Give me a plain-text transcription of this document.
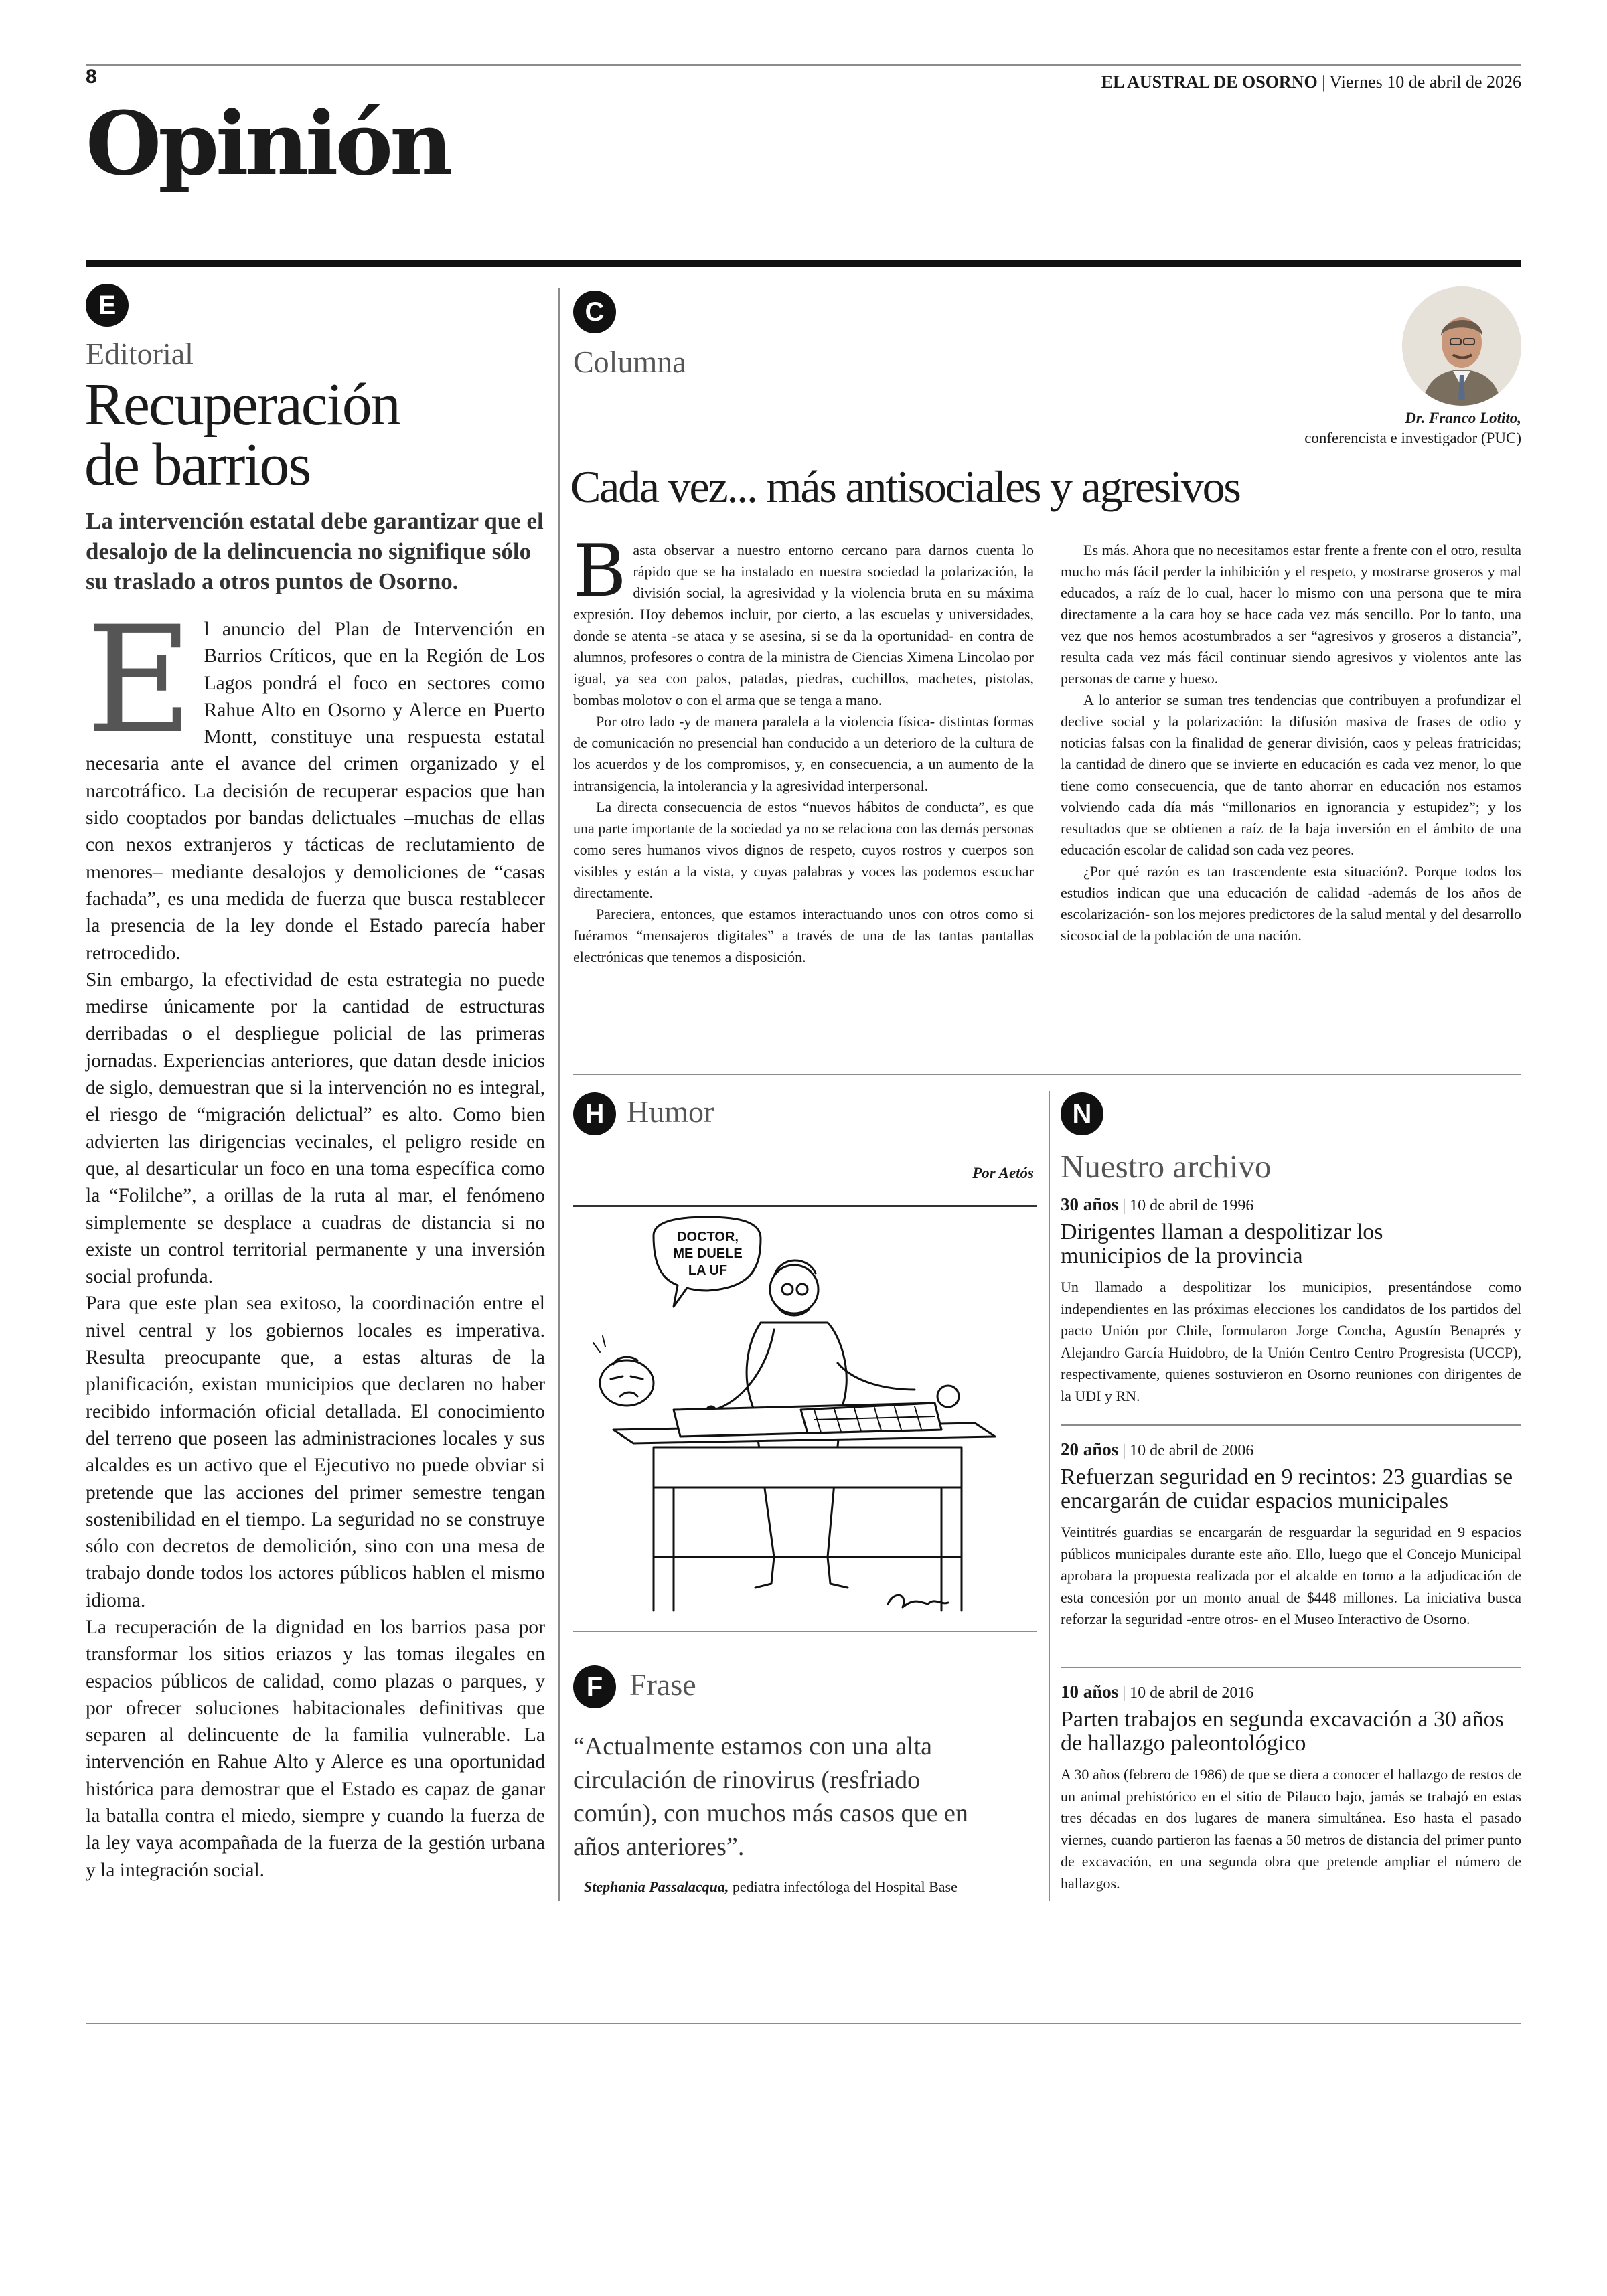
8	EL AUSTRAL DE OSORNO | Viernes 10 de abril de 2026
Opinión
E
Editorial
Recuperación
de barrios
La intervención estatal debe garantizar que el desalojo de la delincuencia no signifique sólo su traslado a otros puntos de Osorno.

El anuncio del Plan de Intervención en Barrios Críticos, que en la Región de Los Lagos pondrá el foco en sectores como Rahue Alto en Osorno y Alerce en Puerto Montt, constituye una respuesta estatal necesaria ante el avance del crimen organizado y el narcotráfico. La decisión de recuperar espacios que han sido cooptados por bandas delictuales –muchas de ellas con nexos extranjeros y tácticas de reclutamiento de menores– mediante desalojos y demoliciones de “casas fachada”, es una medida de fuerza que busca restablecer la presencia de la ley donde el Estado parecía haber retrocedido.

Sin embargo, la efectividad de esta estrategia no puede medirse únicamente por la cantidad de estructuras derribadas o el despliegue policial de las primeras jornadas. Experiencias anteriores, que datan desde inicios de siglo, demuestran que si la intervención no es integral, el riesgo de “migración delictual” es alto. Como bien advierten las dirigencias vecinales, el peligro reside en que, al desarticular un foco en una toma específica como la “Folilche”, a orillas de la ruta al mar, el fenómeno simplemente se desplace a cuadras de distancia si no existe un control territorial permanente y una inversión social profunda.

Para que este plan sea exitoso, la coordinación entre el nivel central y los gobiernos locales es imperativa. Resulta preocupante que, a estas alturas de la planificación, existan municipios que declaren no haber recibido información oficial detallada. El conocimiento del terreno que poseen las administraciones locales y sus alcaldes es un activo que el Ejecutivo no puede obviar si pretende que las acciones del primer semestre tengan sostenibilidad en el tiempo. La seguridad no se construye sólo con decretos de demolición, sino con una mesa de trabajo donde todos los actores públicos hablen el mismo idioma.

La recuperación de la dignidad en los barrios pasa por transformar los sitios eriazos y las tomas ilegales en espacios públicos de calidad, como plazas o parques, y por ofrecer soluciones habitacionales definitivas que separen al delincuente de la familia vulnerable. La intervención en Rahue Alto y Alerce es una oportunidad histórica para demostrar que el Estado es capaz de ganar la batalla contra el miedo, siempre y cuando la fuerza de la ley vaya acompañada de la fuerza de la gestión urbana y la integración social.

C
Columna
Dr. Franco Lotito,
conferencista e investigador (PUC)
Cada vez... más antisociales y agresivos

Basta observar a nuestro entorno cercano para darnos cuenta lo rápido que se ha instalado en nuestra sociedad la polarización, la división social, la agresividad y la violencia bruta en su máxima expresión. Hoy debemos incluir, por cierto, a las escuelas y universidades, donde se atenta -se ataca y se asesina, si se da la oportunidad- en contra de alumnos, profesores o contra de la ministra de Ciencias Ximena Lincolao por igual, ya sea con palos, patadas, piedras, cuchillos, machetes, pistolas, bombas molotov o con el arma que se tenga a mano.

Por otro lado -y de manera paralela a la violencia física- distintas formas de comunicación no presencial han conducido a un deterioro de la cultura de los acuerdos y de los compromisos, y, en consecuencia, a un aumento de la intransigencia, la intolerancia y la agresividad interpersonal.

La directa consecuencia de estos “nuevos hábitos de conducta”, es que una parte importante de la sociedad ya no se relaciona con las demás personas como seres humanos vivos dignos de respeto, cuyos rostros y cuerpos son visibles y están a la vista, y cuyas palabras y voces las podemos escuchar directamente.

Pareciera, entonces, que estamos interactuando unos con otros como si fuéramos “mensajeros digitales” a través de una de las tantas pantallas electrónicas que tenemos a disposición.

Es más. Ahora que no necesitamos estar frente a frente con el otro, resulta mucho más fácil perder la inhibición y el respeto, y mostrarse groseros y mal educados, a raíz de lo cual, hacer lo mismo con una persona que te mira directamente a la cara hoy se hace cada vez más sencillo. Por lo tanto, una vez que nos hemos acostumbrados a ser “agresivos y groseros a distancia”, resulta cada vez más fácil continuar siendo agresivos y violentos ante las personas de carne y hueso.

A lo anterior se suman tres tendencias que contribuyen a profundizar el declive social y la polarización: la difusión masiva de frases de odio y noticias falsas con la finalidad de generar división, caos y peleas fratricidas; la cantidad de dinero que se invierte en educación es cada vez menor, lo que tiene como consecuencia, que de tanto ahorrar en educación nos estamos volviendo cada día más “millonarios en ignorancia y estupidez”; y los resultados que se obtienen a raíz de la baja inversión en el ámbito de una educación escolar de calidad son cada vez peores.

¿Por qué razón es tan trascendente esta situación?. Porque todos los estudios indican que una educación de calidad -además de los años de escolarización- son los mejores predictores de la salud mental y del desarrollo sicosocial de la población de una nación.

H Humor
Por Aetós
DOCTOR,
ME DUELE
LA UF
F Frase
“Actualmente estamos con una alta circulación de rinovirus (resfriado común), con muchos más casos que en años anteriores”.
Stephania Passalacqua, pediatra infectóloga del Hospital Base
N
Nuestro archivo
30 años | 10 de abril de 1996
Dirigentes llaman a despolitizar los municipios de la provincia
Un llamado a despolitizar los municipios, presentándose como independientes en las próximas elecciones los candidatos de los partidos del pacto Unión por Chile, formularon Jorge Concha, Agustín Benaprés y Alejandro García Huidobro, de la Unión Centro Centro Progresista (UCCP), respectivamente, quienes sostuvieron en Osorno reuniones con dirigentes de la UDI y RN.
20 años | 10 de abril de 2006
Refuerzan seguridad en 9 recintos: 23 guardias se encargarán de cuidar espacios municipales
Veintitrés guardias se encargarán de resguardar la seguridad en 9 espacios públicos municipales durante este año. Ello, luego que el Concejo Municipal aprobara la propuesta realizada por el alcalde en torno a la adjudicación de esta concesión por un monto anual de $448 millones. La iniciativa busca reforzar la seguridad -entre otros- en el Museo Interactivo de Osorno.
10 años | 10 de abril de 2016
Parten trabajos en segunda excavación a 30 años de hallazgo paleontológico
A 30 años (febrero de 1986) de que se diera a conocer el hallazgo de restos de un animal prehistórico en el sitio de Pilauco bajo, jamás se trabajó en estas tres décadas en dos lugares de manera simultánea. Eso hasta el pasado viernes, cuando partieron las faenas a 50 metros de distancia del primer punto de excavación, en una segunda obra que pretende ampliar el número de hallazgos.
